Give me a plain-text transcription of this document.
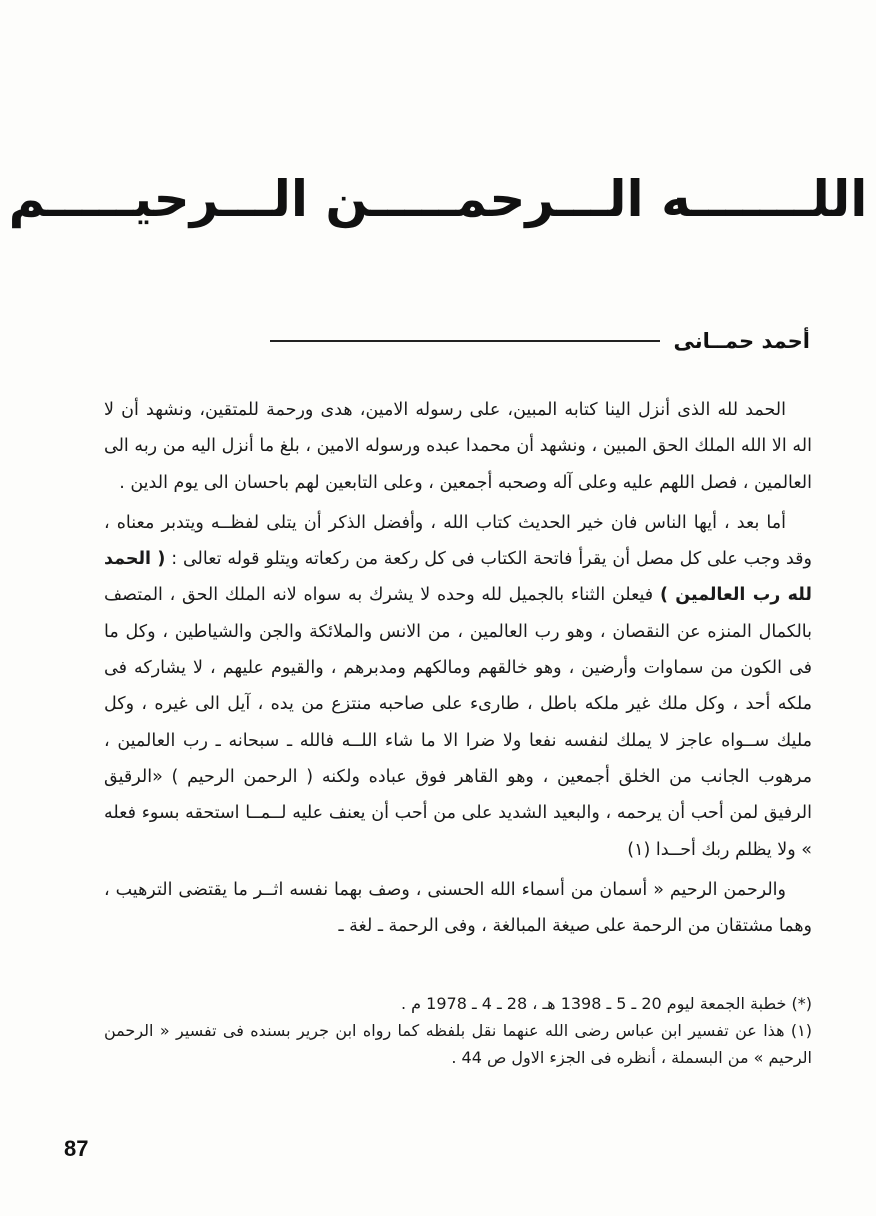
اللـــــــه الـــرحمـــــن الـــرحيـــــم
أحمد حمــانى

الحمد لله الذى أنزل الينا كتابه المبين، على رسوله الامين، هدى ورحمة للمتقين، ونشهد أن لا اله الا الله الملك الحق المبين ، ونشهد أن محمدا عبده ورسوله الامين ، بلغ ما أنزل اليه من ربه الى العالمين ، فصل اللهم عليه وعلى آله وصحبه أجمعين ، وعلى التابعين لهم باحسان الى يوم الدين .

أما بعد ، أيها الناس فان خير الحديث كتاب الله ، وأفضل الذكر أن يتلى لفظــه ويتدبر معناه ، وقد وجب على كل مصل أن يقرأ فاتحة الكتاب فى كل ركعة من ركعاته ويتلو قوله تعالى : ( الحمد لله رب العالمين ) فيعلن الثناء بالجميل لله وحده لا يشرك به سواه لانه الملك الحق ، المتصف بالكمال المنزه عن النقصان ، وهو رب العالمين ، من الانس والملائكة والجن والشياطين ، وكل ما فى الكون من سماوات وأرضين ، وهو خالقهم ومالكهم ومدبرهم ، والقيوم عليهم ، لا يشاركه فى ملكه أحد ، وكل ملك غير ملكه باطل ، طارىء على صاحبه منتزع من يده ، آيل الى غيره ، وكل مليك ســواه عاجز لا يملك لنفسه نفعا ولا ضرا الا ما شاء اللــه فالله ـ سبحانه ـ رب العالمين ، مرهوب الجانب من الخلق أجمعين ، وهو القاهر فوق عباده ولكنه ( الرحمن الرحيم ) «الرقيق الرفيق لمن أحب أن يرحمه ، والبعيد الشديد على من أحب أن يعنف عليه لــمــا استحقه بسوء فعله » ولا يظلم ربك أحــدا (١)

والرحمن الرحيم « أسمان من أسماء الله الحسنى ، وصف بهما نفسه اثــر ما يقتضى الترهيب ، وهما مشتقان من الرحمة على صيغة المبالغة ، وفى الرحمة ـ لغة ـ

(*) خطبة الجمعة ليوم 20 ـ 5 ـ 1398 هـ ، 28 ـ 4 ـ 1978 م .

(١) هذا عن تفسير ابن عباس رضى الله عنهما نقل بلفظه كما رواه ابن جرير بسنده فى تفسير « الرحمن الرحيم » من البسملة ، أنظره فى الجزء الاول ص 44 .

87
